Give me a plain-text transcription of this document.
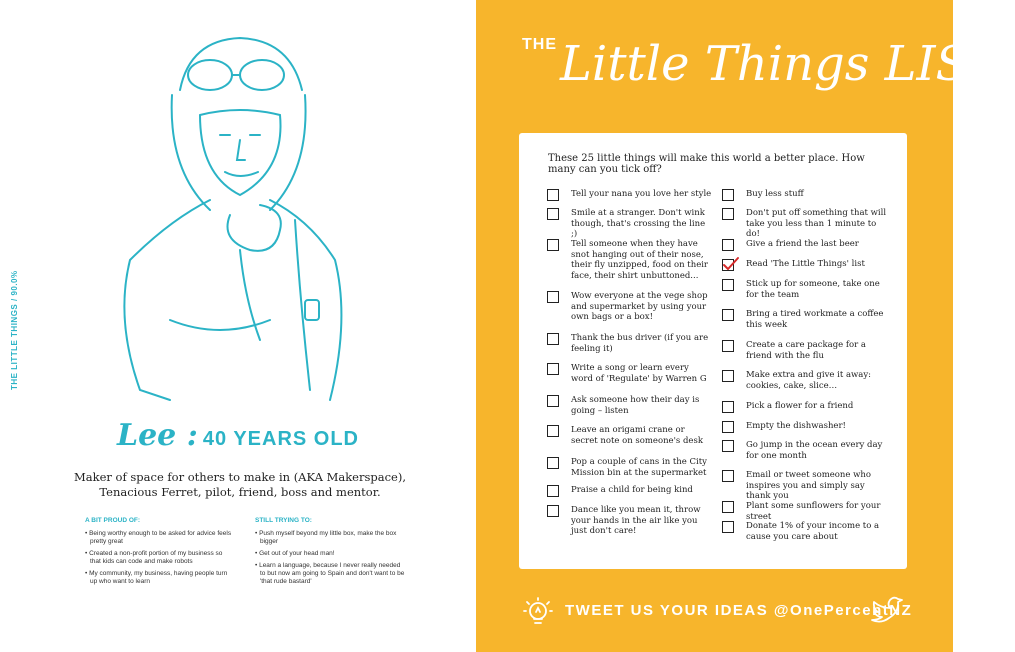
THE LITTLE THINGS / 90.0%
Lee : 40 YEARS OLD
Maker of space for others to make in (AKA Makerspace), Tenacious Ferret, pilot, friend, boss and mentor.
A BIT PROUD OF:
• Being worthy enough to be asked for advice feels pretty great
• Created a non-profit portion of my business so that kids can code and make robots
• My community, my business, having people turn up who want to learn
STILL TRYING TO:
• Push myself beyond my little box, make the box bigger
• Get out of your head man!
• Learn a language, because I never really needed to but now am going to Spain and don't want to be 'that rude bastard'
THE Little Things LIST:
These 25 little things will make this world a better place. How many can you tick off?
Tell your nana you love her style
Smile at a stranger. Don't wink though, that's crossing the line ;)
Tell someone when they have snot hanging out of their nose, their fly unzipped, food on their face, their shirt unbuttoned...
Wow everyone at the vege shop and supermarket by using your own bags or a box!
Thank the bus driver (if you are feeling it)
Write a song or learn every word of 'Regulate' by Warren G
Ask someone how their day is going – listen
Leave an origami crane or secret note on someone's desk
Pop a couple of cans in the City Mission bin at the supermarket
Praise a child for being kind
Dance like you mean it, throw your hands in the air like you just don't care!
Buy less stuff
Don't put off something that will take you less than 1 minute to do!
Give a friend the last beer
Read 'The Little Things' list
Stick up for someone, take one for the team
Bring a tired workmate a coffee this week
Create a care package for a friend with the flu
Make extra and give it away: cookies, cake, slice…
Pick a flower for a friend
Empty the dishwasher!
Go jump in the ocean every day for one month
Email or tweet someone who inspires you and simply say thank you
Plant some sunflowers for your street
Donate 1% of your income to a cause you care about
TWEET US YOUR IDEAS @OnePercentNZ
